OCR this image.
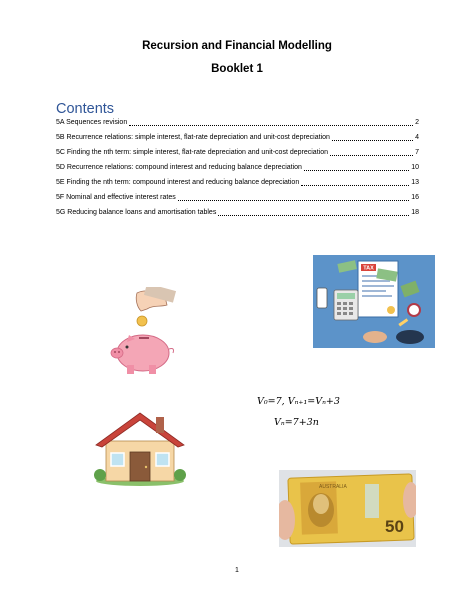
Recursion and Financial Modelling
Booklet 1
Contents
5A Sequences revision	2
5B Recurrence relations: simple interest, flat-rate depreciation and unit-cost depreciation	4
5C Finding the nth term: simple interest, flat-rate depreciation and unit-cost depreciation	7
5D Recurrence relations: compound interest and reducing balance depreciation	10
5E Finding the nth term: compound interest and reducing balance depreciation	13
5F Nominal and effective interest rates	16
5G Reducing balance loans and amortisation tables	18
TAX
V₀=7, Vₙ₊₁=Vₙ+3
Vₙ=7+3n
AUSTRALIA
50
1
